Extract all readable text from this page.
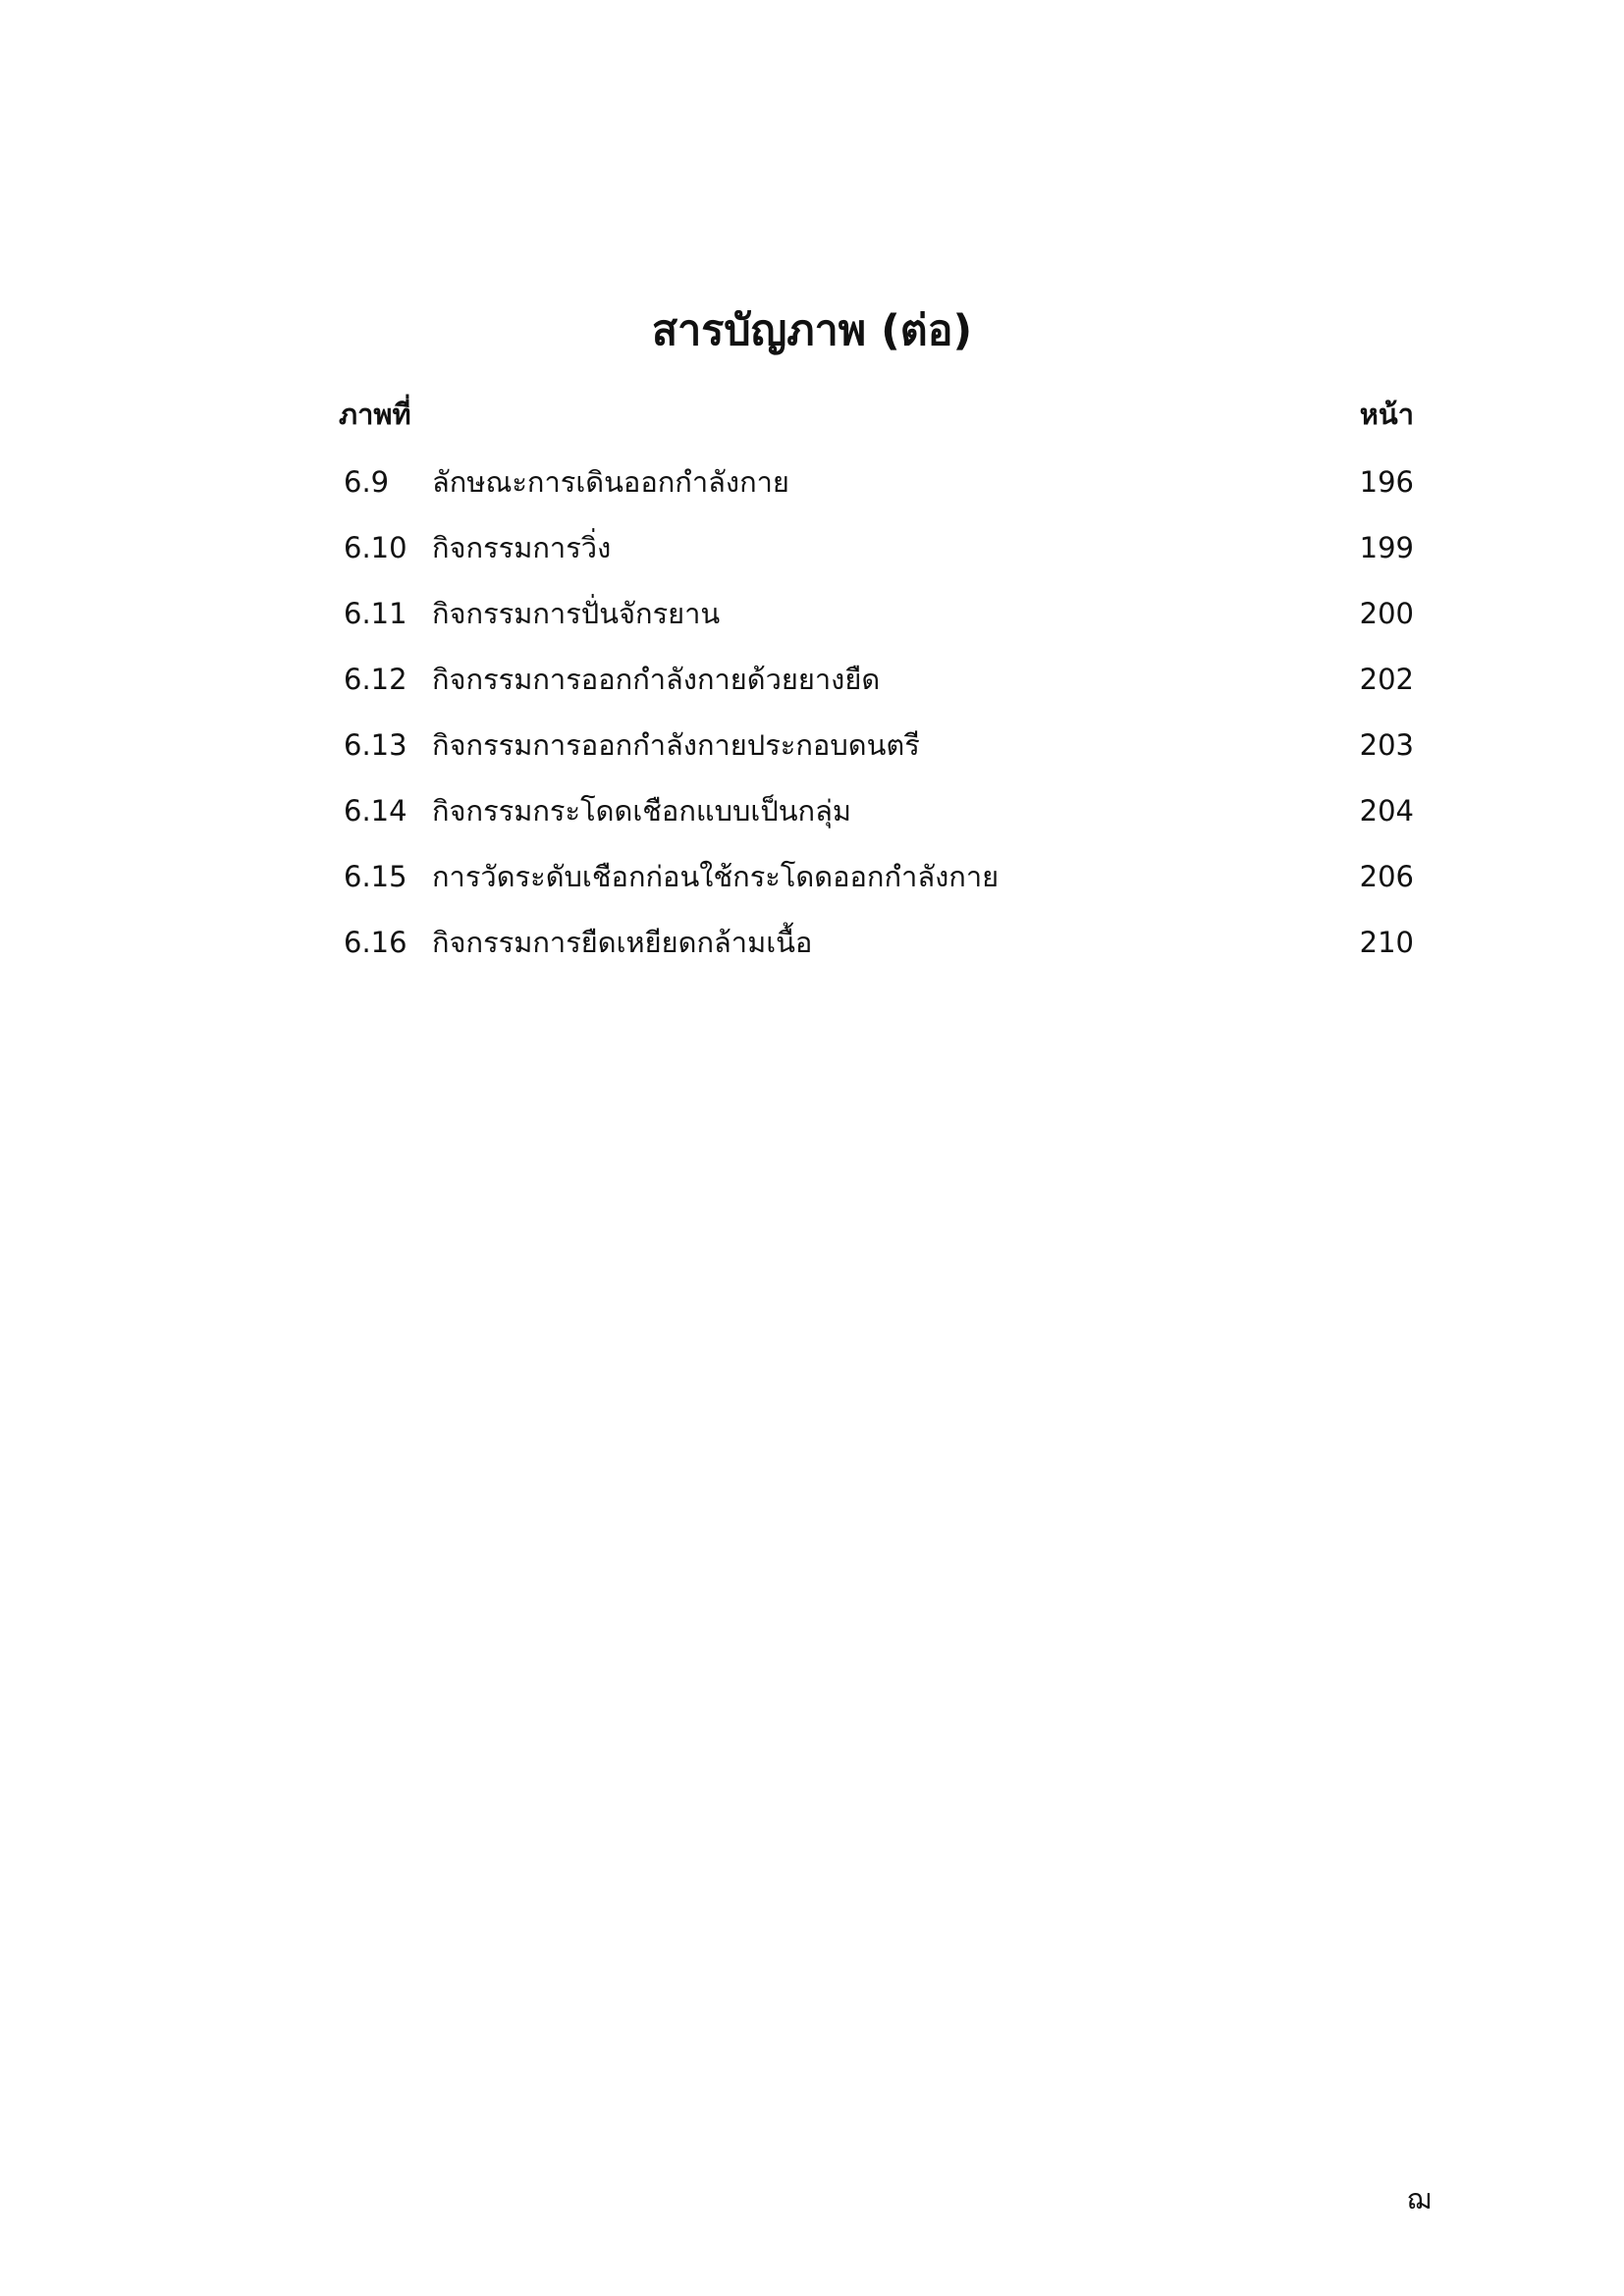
สารบัญภาพ (ต่อ)
ภาพที่	หน้า
6.9 ลักษณะการเดินออกกำลังกาย	196
6.10 กิจกรรมการวิ่ง	199
6.11 กิจกรรมการปั่นจักรยาน	200
6.12 กิจกรรมการออกกำลังกายด้วยยางยืด	202
6.13 กิจกรรมการออกกำลังกายประกอบดนตรี	203
6.14 กิจกรรมกระโดดเชือกแบบเป็นกลุ่ม	204
6.15 การวัดระดับเชือกก่อนใช้กระโดดออกกำลังกาย	206
6.16 กิจกรรมการยืดเหยียดกล้ามเนื้อ	210
ฌ
